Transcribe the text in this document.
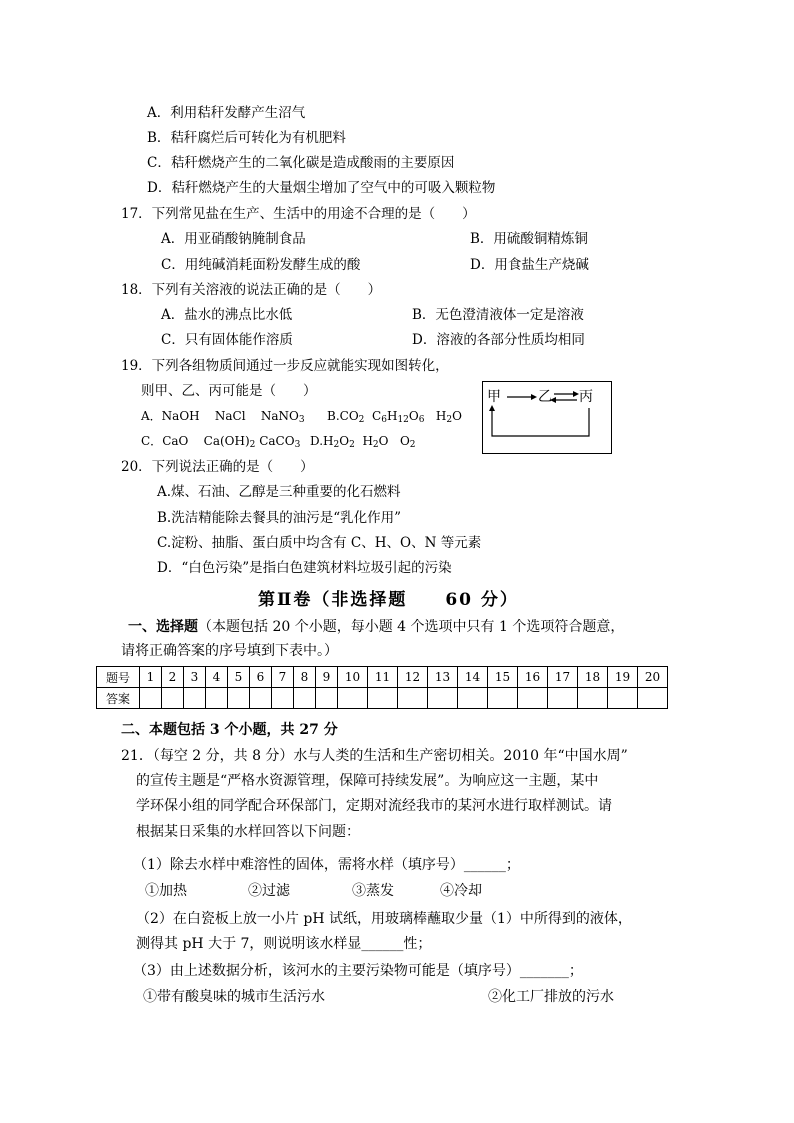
A．利用秸秆发酵产生沼气
B．秸秆腐烂后可转化为有机肥料
C．秸秆燃烧产生的二氧化碳是造成酸雨的主要原因
D．秸秆燃烧产生的大量烟尘增加了空气中的可吸入颗粒物
17．下列常见盐在生产、生活中的用途不合理的是（　　）
A．用亚硝酸钠腌制食品	B．用硫酸铜精炼铜
C．用纯碱消耗面粉发酵生成的酸	D．用食盐生产烧碱
18．下列有关溶液的说法正确的是（　　）
A．盐水的沸点比水低	B．无色澄清液体一定是溶液
C．只有固体能作溶质	D．溶液的各部分性质均相同
19．下列各组物质间通过一步反应就能实现如图转化，
则甲、乙、丙可能是（　　）
A．NaOH NaCl NaNO$_3$ $B.CO_2$ $C_6H_{12}O_6$ $H_2O$
C．CaO $Ca(OH)_2$ CaCO$_3$ $D.H_2O_2$ $H_2O$ $O_2$
甲	乙 丙
20．下列说法正确的是（　　）
A.煤、石油、乙醇是三种重要的化石燃料
B.洗洁精能除去餐具的油污是“乳化作用”
C.淀粉、抽脂、蛋白质中均含有 C、H、O、N 等元素
D．“白色污染”是指白色建筑材料垃圾引起的污染
第Ⅱ卷（非选择题　　60 分）
一、选择题（本题包括 20 个小题，每小题 4 个选项中只有 1 个选项符合题意，
请将正确答案的序号填到下表中。）
题号	1	2	3	4	5	6	7	8	9	10	11	12	13	14	15	16	17	18	19	20
答案																				
二、本题包括 3 个小题，共 27 分
21．（每空 2 分，共 8 分）水与人类的生活和生产密切相关。2010 年“中国水周”
的宣传主题是“严格水资源管理，保障可持续发展”。为响应这一主题，某中
学环保小组的同学配合环保部门，定期对流经我市的某河水进行取样测试。请
根据某日采集的水样回答以下问题：
（1）除去水样中难溶性的固体，需将水样（填序号）______；
①加热	②过滤	③蒸发	④冷却
（2）在白瓷板上放一小片 pH 试纸，用玻璃棒蘸取少量（1）中所得到的液体，
测得其 pH 大于 7，则说明该水样显______性；
（3）由上述数据分析，该河水的主要污染物可能是（填序号）_______；
①带有酸臭味的城市生活污水	②化工厂排放的污水
